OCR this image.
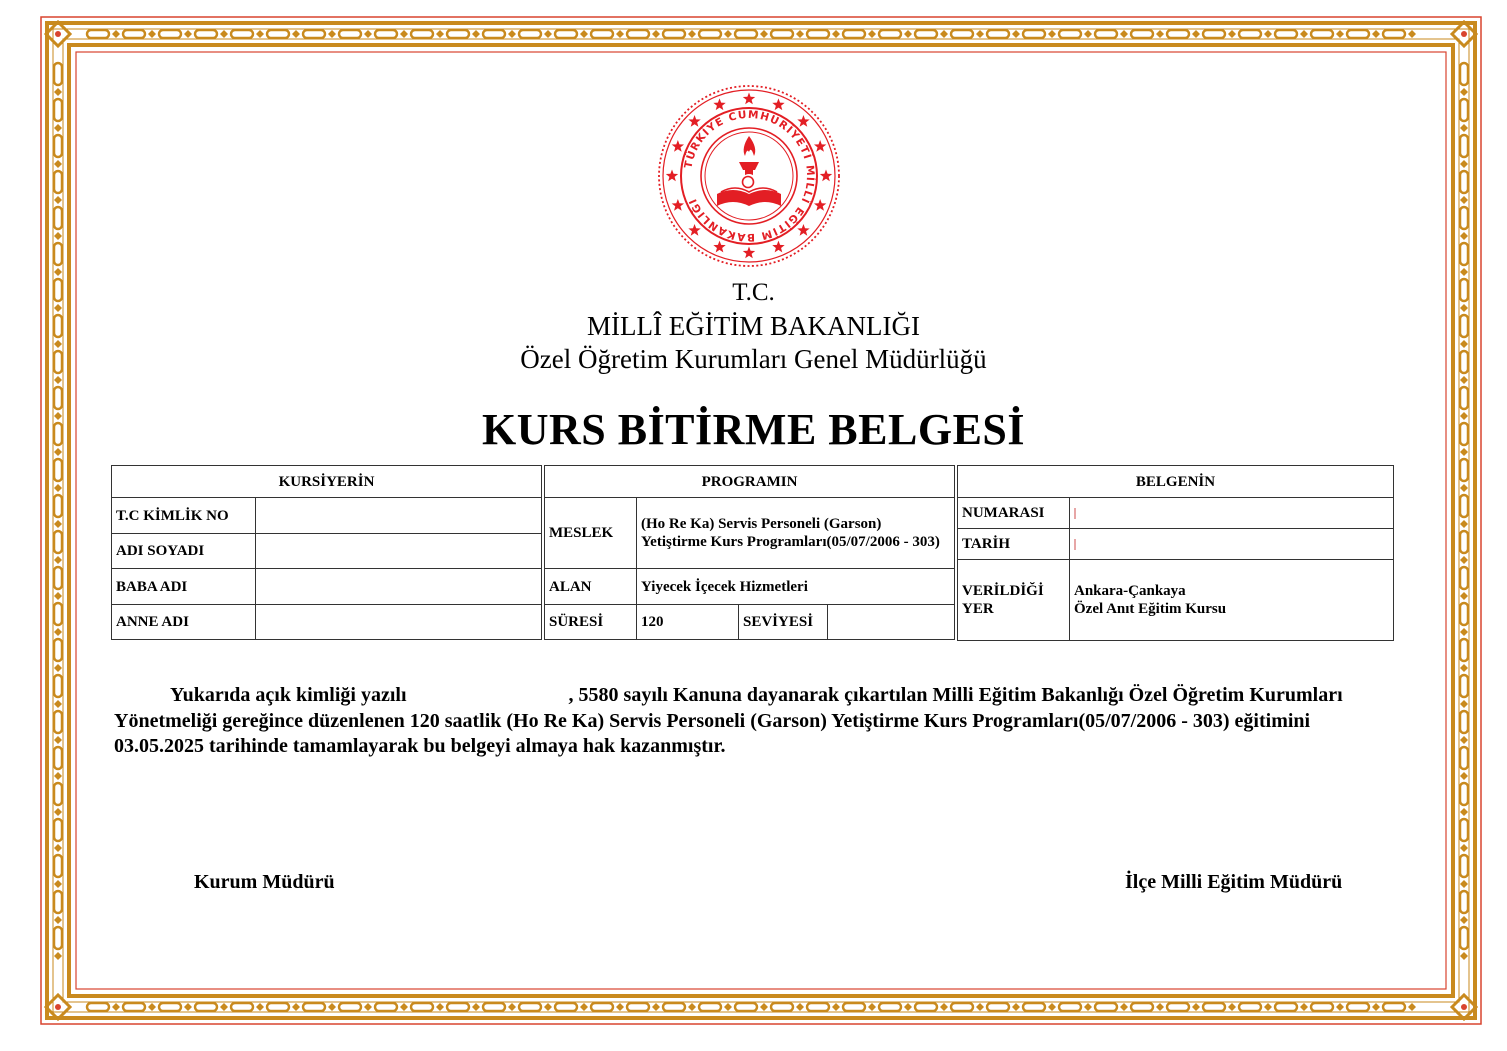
TÜRKİYE CUMHURİYETİ MİLLÎ EĞİTİM BAKANLIĞI
T.C.
MİLLÎ EĞİTİM BAKANLIĞI
Özel Öğretim Kurumları Genel Müdürlüğü
KURS BİTİRME BELGESİ
KURSİYERİN	
T.C KİMLİK NO	
ADI SOYADI	
BABA ADI	
ANNE ADI	
PROGRAMIN			
MESLEK	(Ho Re Ka) Servis Personeli (Garson) Yetiştirme Kurs Programları(05/07/2006 - 303)		
ALAN	Yiyecek İçecek Hizmetleri		
SÜRESİ	120	SEVİYESİ	
BELGENİN	
NUMARASI	
TARİH	
VERİLDİĞİ YER	Ankara-Çankaya
Özel Anıt Eğitim Kursu
Yukarıda açık kimliği yazılı	, 5580 sayılı Kanuna dayanarak çıkartılan Milli Eğitim Bakanlığı Özel Öğretim Kurumları Yönetmeliği gereğince düzenlenen 120 saatlik (Ho Re Ka) Servis Personeli (Garson) Yetiştirme Kurs Programları(05/07/2006 - 303) eğitimini 03.05.2025 tarihinde tamamlayarak bu belgeyi almaya hak kazanmıştır.
Kurum Müdürü	İlçe Milli Eğitim Müdürü
